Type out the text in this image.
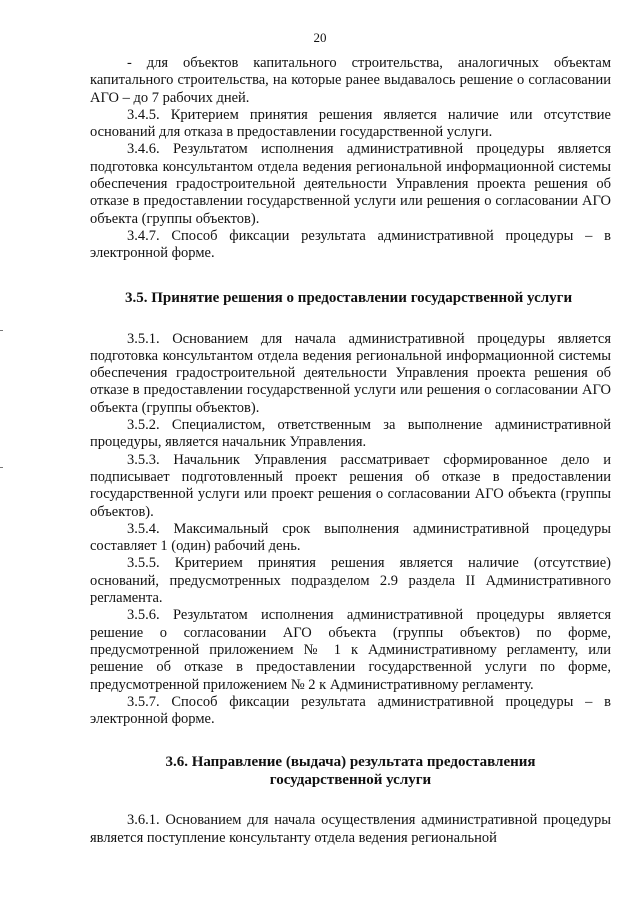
20

- для объектов капитального строительства, аналогичных объектам капитального строительства, на которые ранее выдавалось решение о согласовании АГО – до 7 рабочих дней.

3.4.5. Критерием принятия решения является наличие или отсутствие оснований для отказа в предоставлении государственной услуги.

3.4.6. Результатом исполнения административной процедуры является подготовка консультантом отдела ведения региональной информационной системы обеспечения градостроительной деятельности Управления проекта решения об отказе в предоставлении государственной услуги или решения о согласовании АГО объекта (группы объектов).

3.4.7. Способ фиксации результата административной процедуры – в электронной форме.

3.5. Принятие решения о предоставлении государственной услуги

3.5.1. Основанием для начала административной процедуры является подготовка консультантом отдела ведения региональной информационной системы обеспечения градостроительной деятельности Управления проекта решения об отказе в предоставлении государственной услуги или решения о согласовании АГО объекта (группы объектов).

3.5.2. Специалистом, ответственным за выполнение административной процедуры, является начальник Управления.

3.5.3. Начальник Управления рассматривает сформированное дело и подписывает подготовленный проект решения об отказе в предоставлении государственной услуги или проект решения о согласовании АГО объекта (группы объектов).

3.5.4. Максимальный срок выполнения административной процедуры составляет 1 (один) рабочий день.

3.5.5. Критерием принятия решения является наличие (отсутствие) оснований, предусмотренных подразделом 2.9 раздела II Административного регламента.

3.5.6. Результатом исполнения административной процедуры является решение о согласовании АГО объекта (группы объектов) по форме, предусмотренной приложением № 1 к Административному регламенту, или решение об отказе в предоставлении государственной услуги по форме, предусмотренной приложением № 2 к Административному регламенту.

3.5.7. Способ фиксации результата административной процедуры – в электронной форме.

3.6. Направление (выдача) результата предоставления
государственной услуги

3.6.1. Основанием для начала осуществления административной процедуры является поступление консультанту отдела ведения региональной
